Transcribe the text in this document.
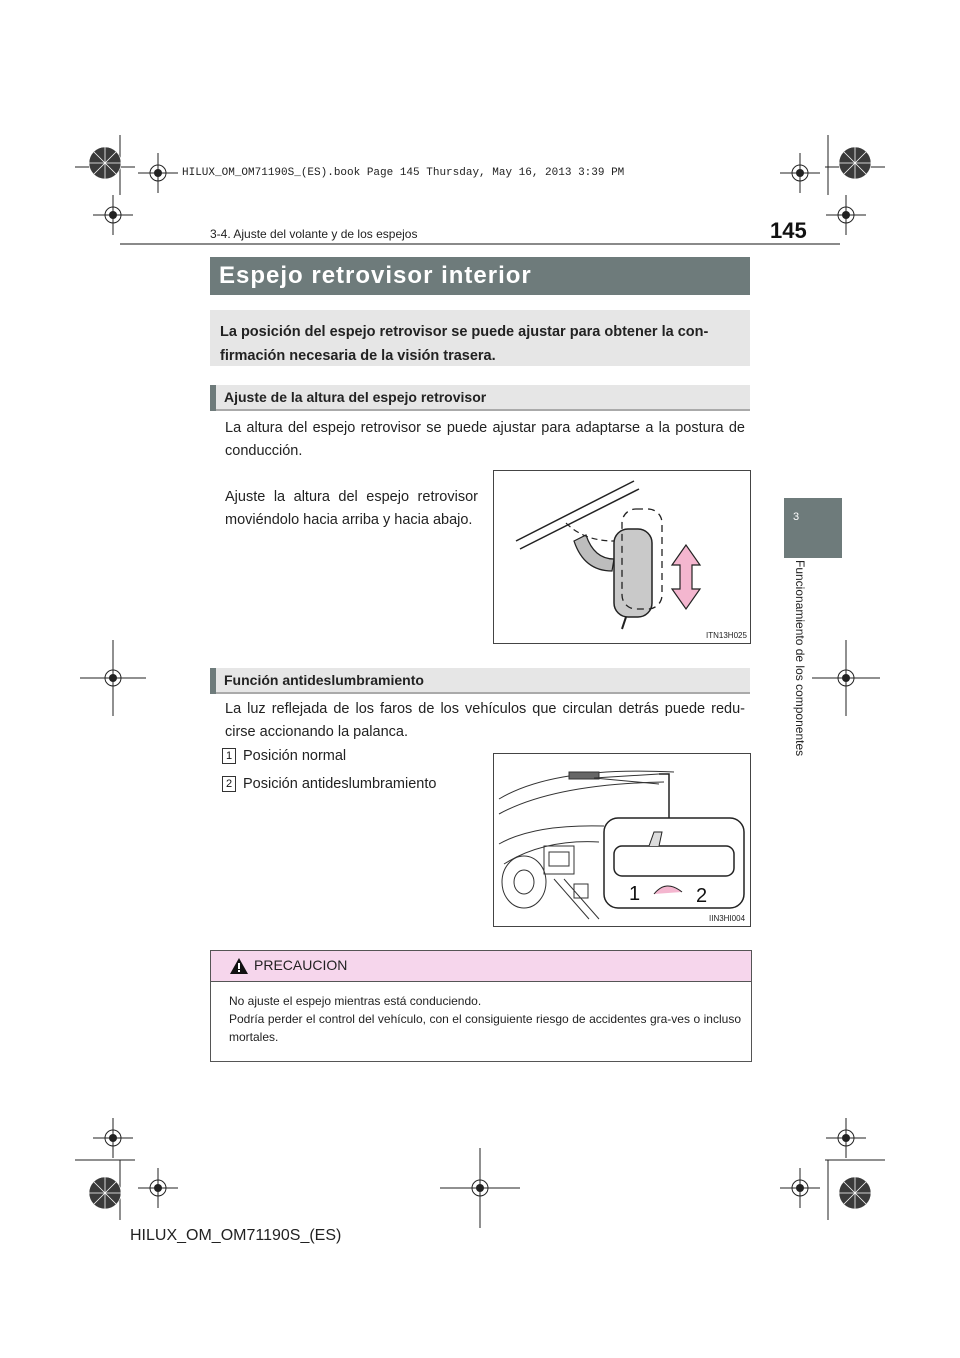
HILUX_OM_OM71190S_(ES).book Page 145 Thursday, May 16, 2013 3:39 PM
145
3-4. Ajuste del volante y de los espejos
3
Funcionamiento de los componentes
Espejo retrovisor interior
La posición del espejo retrovisor se puede ajustar para obtener la con-firmación necesaria de la visión trasera.
Ajuste de la altura del espejo retrovisor
La altura del espejo retrovisor se puede ajustar para adaptarse a la postura de conducción.
Ajuste la altura del espejo retrovisor moviéndolo hacia arriba y hacia abajo.
ITN13H025
Función antideslumbramiento
La luz reflejada de los faros de los vehículos que circulan detrás puede redu-cirse accionando la palanca.
1 Posición normal
2 Posición antideslumbramiento
1	2
IIN3HI004
PRECAUCION
No ajuste el espejo mientras está conduciendo.
Podría perder el control del vehículo, con el consiguiente riesgo de accidentes gra-ves o incluso mortales.
HILUX_OM_OM71190S_(ES)
